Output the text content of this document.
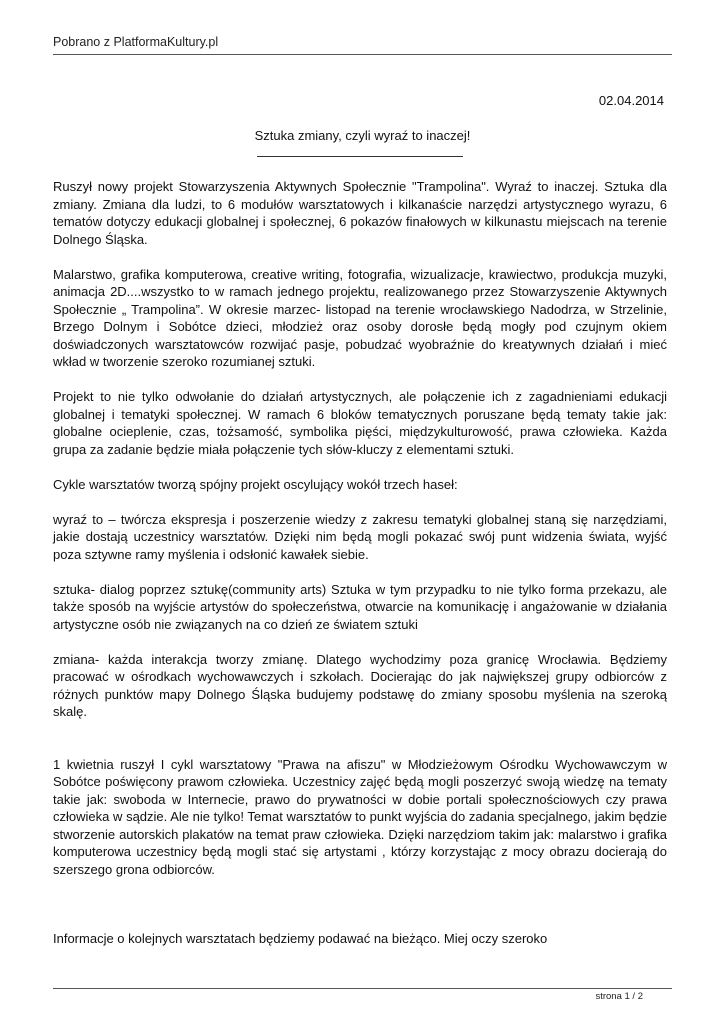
Pobrano z PlatformaKultury.pl
02.04.2014
Sztuka zmiany, czyli wyraź to inaczej!

Ruszył nowy projekt Stowarzyszenia Aktywnych Społecznie "Trampolina". Wyraź to inaczej. Sztuka dla zmiany. Zmiana dla ludzi, to 6 modułów warsztatowych i kilkanaście narzędzi artystycznego wyrazu, 6 tematów dotyczy edukacji globalnej i społecznej, 6 pokazów finałowych w kilkunastu miejscach na terenie Dolnego Śląska.

Malarstwo, grafika komputerowa, creative writing, fotografia, wizualizacje, krawiectwo, produkcja muzyki, animacja 2D....wszystko to w ramach jednego projektu, realizowanego przez Stowarzyszenie Aktywnych Społecznie „ Trampolina”. W okresie marzec- listopad na terenie wrocławskiego Nadodrza, w Strzelinie, Brzego Dolnym i Sobótce dzieci, młodzież oraz osoby dorosłe będą mogły pod czujnym okiem doświadczonych warsztatowców rozwijać pasje, pobudzać wyobraźnie do kreatywnych działań i mieć wkład w tworzenie szeroko rozumianej sztuki.

Projekt to nie tylko odwołanie do działań artystycznych, ale połączenie ich z zagadnieniami edukacji globalnej i tematyki społecznej. W ramach 6 bloków tematycznych poruszane będą tematy takie jak: globalne ocieplenie, czas, tożsamość, symbolika pięści, międzykulturowość, prawa człowieka. Każda grupa za zadanie będzie miała połączenie tych słów-kluczy z elementami sztuki.

Cykle warsztatów tworzą spójny projekt oscylujący wokół trzech haseł:

wyraź to – twórcza ekspresja i poszerzenie wiedzy z zakresu tematyki globalnej staną się narzędziami, jakie dostają uczestnicy warsztatów. Dzięki nim będą mogli pokazać swój punt widzenia świata, wyjść poza sztywne ramy myślenia i odsłonić kawałek siebie.

sztuka- dialog poprzez sztukę(community arts) Sztuka w tym przypadku to nie tylko forma przekazu, ale także sposób na wyjście artystów do społeczeństwa, otwarcie na komunikację i angażowanie w działania artystyczne osób nie związanych na co dzień ze światem sztuki

zmiana- każda interakcja tworzy zmianę. Dlatego wychodzimy poza granicę Wrocławia. Będziemy pracować w ośrodkach wychowawczych i szkołach. Docierając do jak największej grupy odbiorców z różnych punktów mapy Dolnego Śląska budujemy podstawę do zmiany sposobu myślenia na szeroką skalę.

1 kwietnia ruszył I cykl warsztatowy "Prawa na afiszu" w Młodzieżowym Ośrodku Wychowawczym w Sobótce poświęcony prawom człowieka. Uczestnicy zajęć będą mogli poszerzyć swoją wiedzę na tematy takie jak: swoboda w Internecie, prawo do prywatności w dobie portali społecznościowych czy prawa człowieka w sądzie. Ale nie tylko! Temat warsztatów to punkt wyjścia do zadania specjalnego, jakim będzie stworzenie autorskich plakatów na temat praw człowieka. Dzięki narzędziom takim jak: malarstwo i grafika komputerowa uczestnicy będą mogli stać się artystami , którzy korzystając z mocy obrazu docierają do szerszego grona odbiorców.

Informacje o kolejnych warsztatach będziemy podawać na bieżąco. Miej oczy szeroko

strona 1 / 2
